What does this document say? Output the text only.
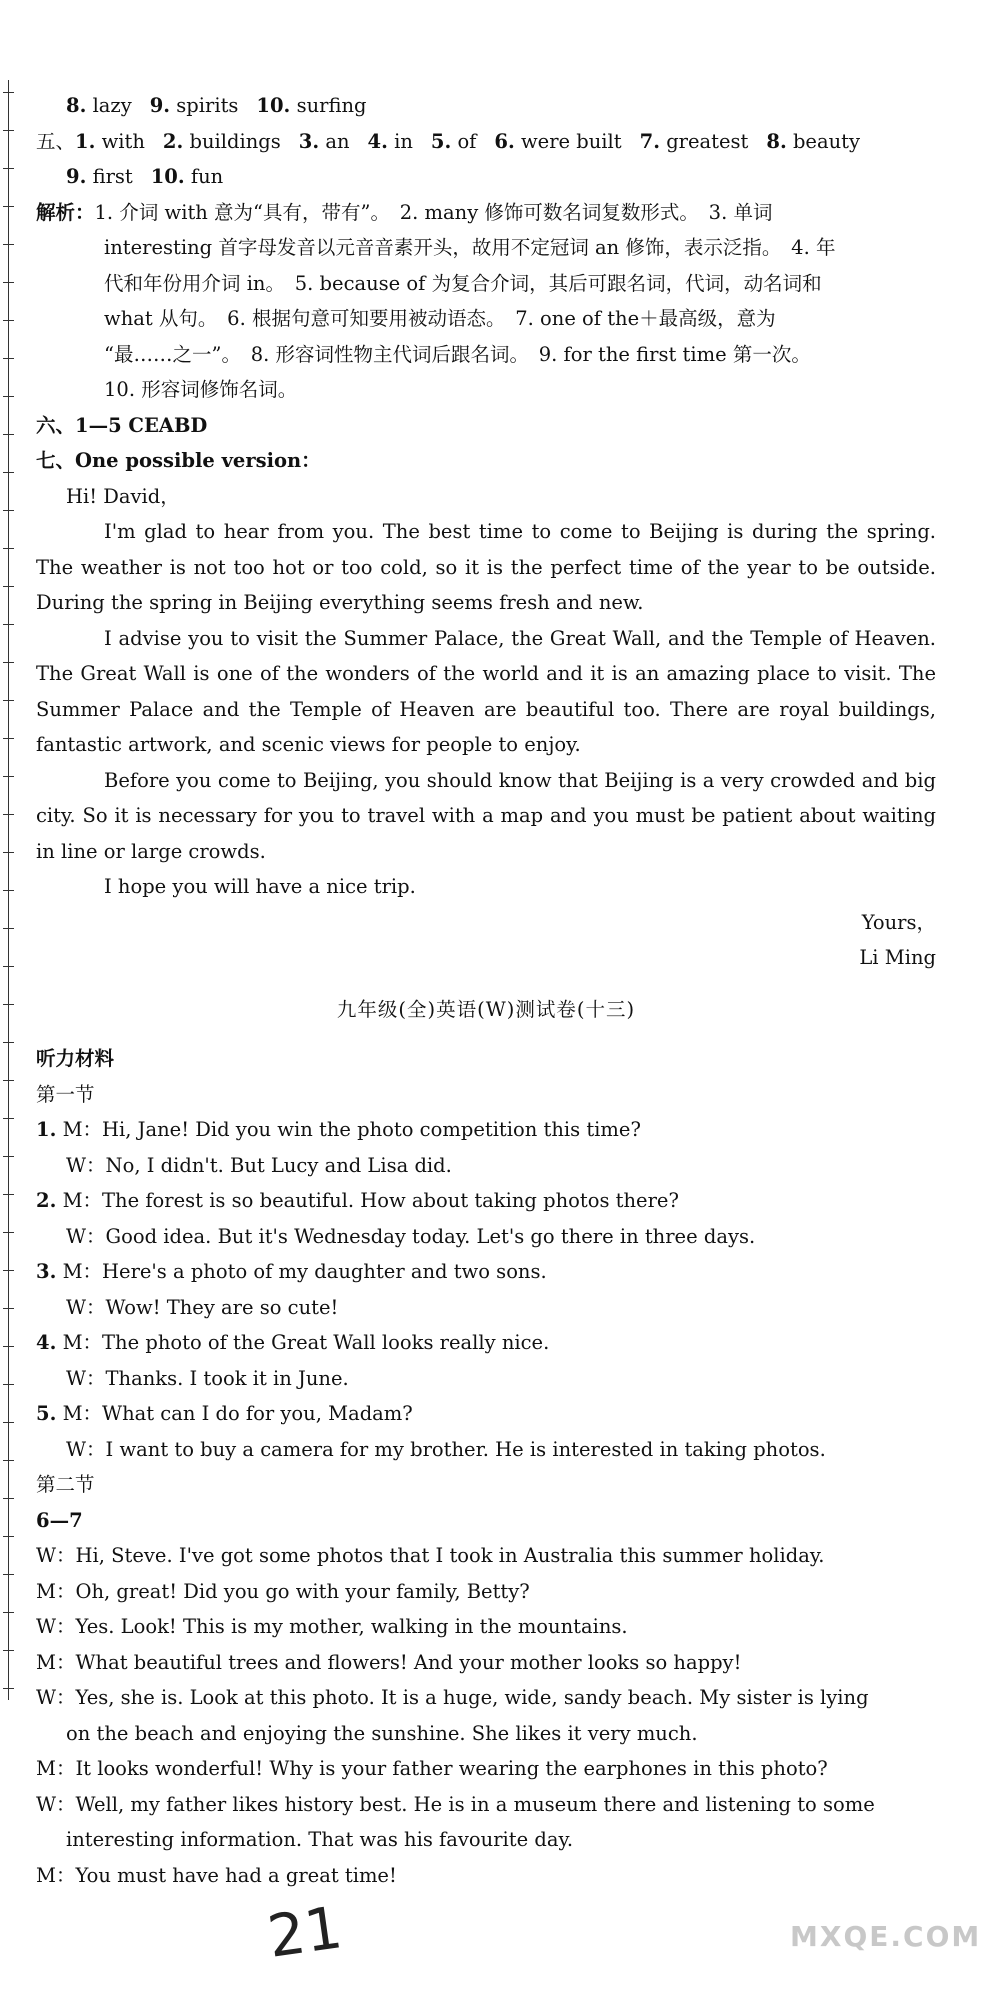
8. lazy 9. spirits 10. surfing
五、1. with 2. buildings 3. an 4. in 5. of 6. were built 7. greatest 8. beauty
9. first 10. fun
解析：1. 介词 with 意为“具有，带有”。　2. many 修饰可数名词复数形式。　3. 单词
interesting 首字母发音以元音音素开头，故用不定冠词 an 修饰，表示泛指。　4. 年
代和年份用介词 in。　5. because of 为复合介词，其后可跟名词，代词，动名词和
what 从句。　6. 根据句意可知要用被动语态。　7. one of the＋最高级，意为
“最……之一”。　8. 形容词性物主代词后跟名词。　9. for the first time 第一次。
10. 形容词修饰名词。
六、1—5 CEABD
七、One possible version：
Hi! David，
I'm glad to hear from you. The best time to come to Beijing is during the spring. The weather is not too hot or too cold, so it is the perfect time of the year to be outside. During the spring in Beijing everything seems fresh and new.
I advise you to visit the Summer Palace, the Great Wall, and the Temple of Heaven. The Great Wall is one of the wonders of the world and it is an amazing place to visit. The Summer Palace and the Temple of Heaven are beautiful too. There are royal buildings, fantastic artwork, and scenic views for people to enjoy.
Before you come to Beijing, you should know that Beijing is a very crowded and big city. So it is necessary for you to travel with a map and you must be patient about waiting in line or large crowds.
I hope you will have a nice trip.
Yours，
Li Ming
九年级(全)英语(W)测试卷(十三)
听力材料
第一节
1. M：Hi, Jane! Did you win the photo competition this time?
W：No, I didn't. But Lucy and Lisa did.
2. M：The forest is so beautiful. How about taking photos there?
W：Good idea. But it's Wednesday today. Let's go there in three days.
3. M：Here's a photo of my daughter and two sons.
W：Wow! They are so cute!
4. M：The photo of the Great Wall looks really nice.
W：Thanks. I took it in June.
5. M：What can I do for you, Madam?
W：I want to buy a camera for my brother. He is interested in taking photos.
第二节
6—7
W：Hi, Steve. I've got some photos that I took in Australia this summer holiday.
M：Oh, great! Did you go with your family, Betty?
W：Yes. Look! This is my mother, walking in the mountains.
M：What beautiful trees and flowers! And your mother looks so happy!
W：Yes, she is. Look at this photo. It is a huge, wide, sandy beach. My sister is lying
on the beach and enjoying the sunshine. She likes it very much.
M：It looks wonderful! Why is your father wearing the earphones in this photo?
W：Well, my father likes history best. He is in a museum there and listening to some
interesting information. That was his favourite day.
M：You must have had a great time!
21	MXQE.COM
